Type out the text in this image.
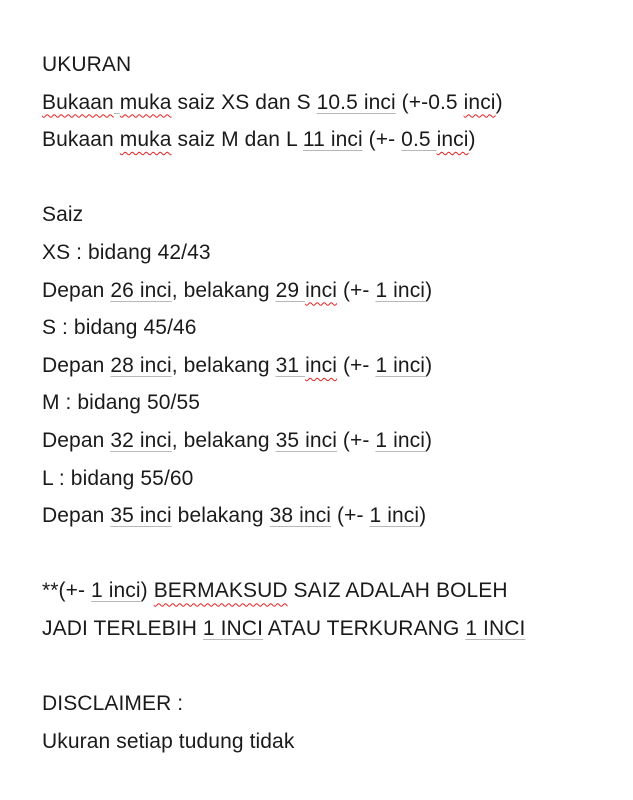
UKURAN
Bukaan muka saiz XS dan S 10.5 inci (+-0.5 inci)
Bukaan muka saiz M dan L 11 inci (+- 0.5 inci)
Saiz
XS : bidang 42/43
Depan 26 inci, belakang 29 inci (+- 1 inci)
S : bidang 45/46
Depan 28 inci, belakang 31 inci (+- 1 inci)
M : bidang 50/55
Depan 32 inci, belakang 35 inci (+- 1 inci)
L : bidang 55/60
Depan 35 inci belakang 38 inci (+- 1 inci)
**(+- 1 inci) BERMAKSUD SAIZ ADALAH BOLEH
JADI TERLEBIH 1 INCI ATAU TERKURANG 1 INCI
DISCLAIMER :
Ukuran setiap tudung tidak
